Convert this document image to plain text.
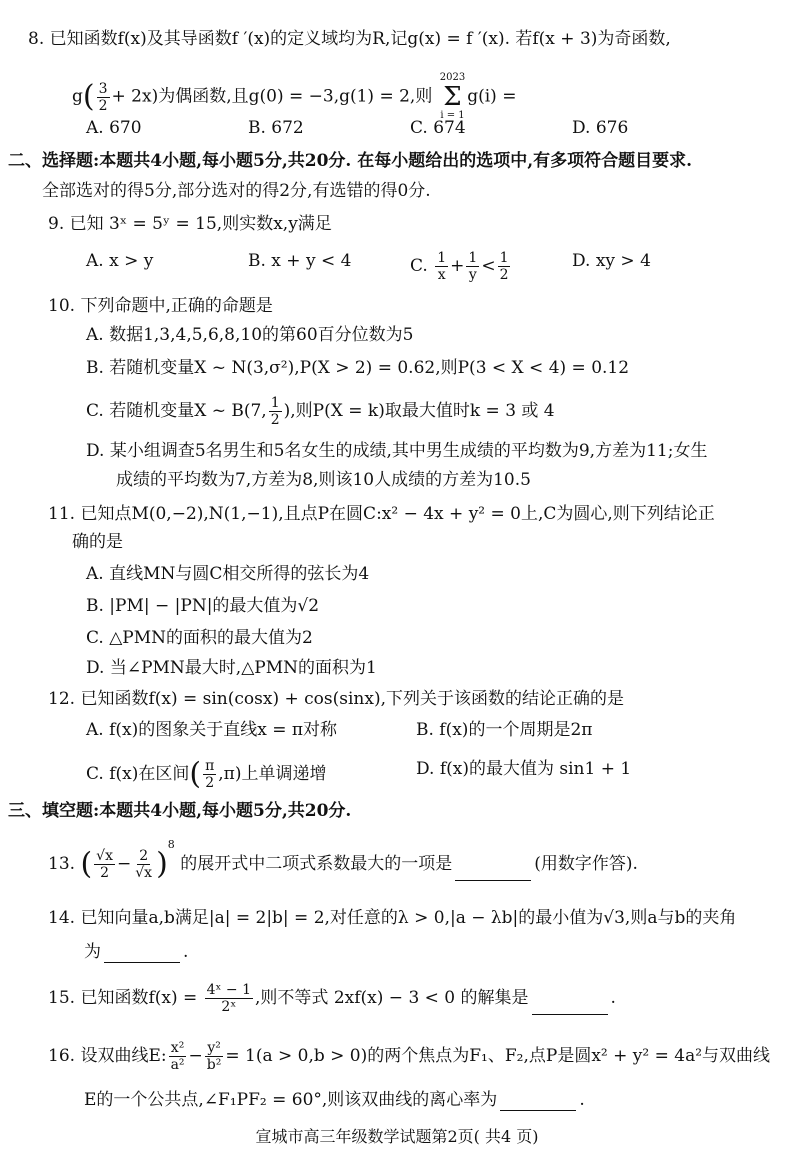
8. 已知函数f(x)及其导函数f ′(x)的定义域均为R,记g(x) = f ′(x). 若f(x + 3)为奇函数,
$g( \frac{3}{2} + 2x)$为偶函数,且g(0) = −3,g(1) = 2,则
2023
Σ
i = 1
g(i) =
A. 670	B. 672	C. 674	D. 676
二、选择题:本题共4小题,每小题5分,共20分. 在每小题给出的选项中,有多项符合题目要求.
全部选对的得5分,部分选对的得2分,有选错的得0分.
9. 已知 3ˣ = 5ʸ = 15,则实数x,y满足
A. x > y	B. x + y < 4	C. $\frac{1}{x} + \frac{1}{y} < \frac{1}{2}$	D. xy > 4
10. 下列命题中,正确的命题是
A. 数据1,3,4,5,6,8,10的第60百分位数为5
B. 若随机变量X ~ N(3,σ²),P(X > 2) = 0.62,则P(3 < X < 4) = 0.12
C. 若随机变量X ~ B(7, $\frac{1}{2}$ ),则P(X = k)取最大值时k = 3 或 4
D. 某小组调查5名男生和5名女生的成绩,其中男生成绩的平均数为9,方差为11;女生
成绩的平均数为7,方差为8,则该10人成绩的方差为10.5
11. 已知点M(0,−2),N(1,−1),且点P在圆C:x² − 4x + y² = 0上,C为圆心,则下列结论正
确的是
A. 直线MN与圆C相交所得的弦长为4
B. |PM| − |PN|的最大值为√2
C. △PMN的面积的最大值为2
D. 当∠PMN最大时,△PMN的面积为1
12. 已知函数f(x) = sin(cosx) + cos(sinx),下列关于该函数的结论正确的是
A. f(x)的图象关于直线x = π对称	B. f(x)的一个周期是2π
C. f(x)在区间( $\frac{\pi}{2} ,\pi$)上单调递增	D. f(x)的最大值为 sin1 + 1
三、填空题:本题共4小题,每小题5分,共20分.
13. ( $\frac{√x}{2} - \frac{2}{√x} )^8$ 的展开式中二项式系数最大的一项是	(用数字作答).
14. 已知向量a,b满足|a| = 2|b| = 2,对任意的λ > 0,|a − λb|的最小值为√3,则a与b的夹角
为	.
15. 已知函数$f(x) = \frac{\text{4ˣ − 1}}{\text{2ˣ}}$ ,则不等式 2xf(x) − 3 < 0 的解集是	.
16. 设双曲线E: $\frac{\text{x²}}{\text{a²}} - \frac{\text{y²}}{\text{b²}} = 1(a > 0,b > 0)$的两个焦点为F₁、F₂,点P是圆x² + y² = 4a²与双曲线
E的一个公共点,∠F₁PF₂ = 60°,则该双曲线的离心率为	.
宣城市高三年级数学试题第2页( 共4 页)
